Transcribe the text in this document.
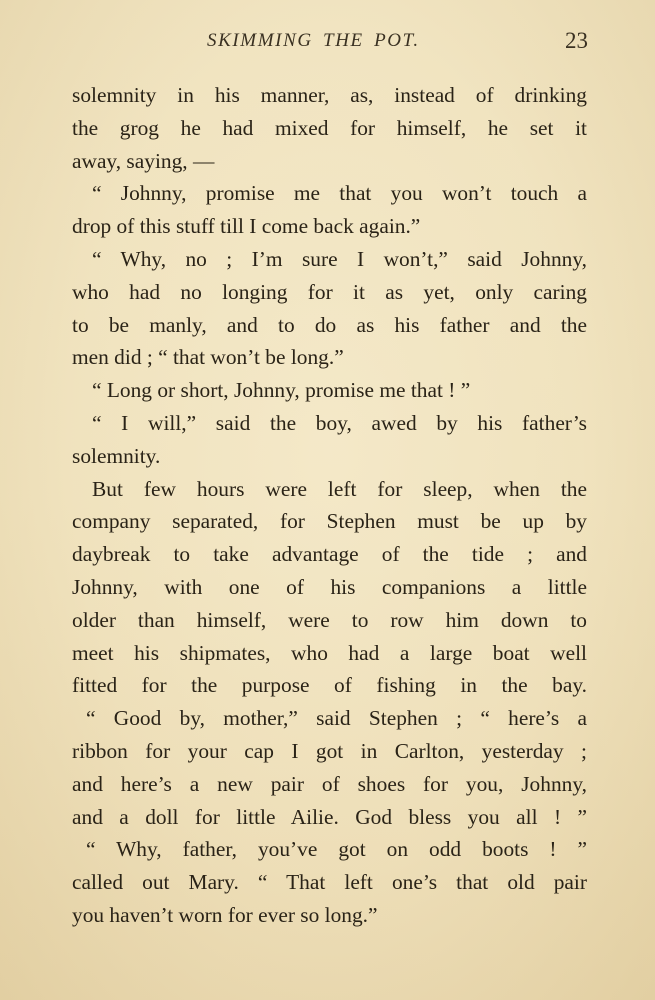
SKIMMING THE POT.	23
solemnity in his manner, as, instead of drinking
the grog he had mixed for himself, he set it
away, saying, —
“ Johnny, promise me that you won’t touch a
drop of this stuff till I come back again.”
“ Why, no ; I’m sure I won’t,” said Johnny,
who had no longing for it as yet, only caring
to be manly, and to do as his father and the
men did ; “ that won’t be long.”
“ Long or short, Johnny, promise me that ! ”
“ I will,” said the boy, awed by his father’s
solemnity.
But few hours were left for sleep, when the
company separated, for Stephen must be up by
daybreak to take advantage of the tide ; and
Johnny, with one of his companions a little
older than himself, were to row him down to
meet his shipmates, who had a large boat well
fitted for the purpose of fishing in the bay.
“ Good by, mother,” said Stephen ; “ here’s a
ribbon for your cap I got in Carlton, yesterday ;
and here’s a new pair of shoes for you, Johnny,
and a doll for little Ailie. God bless you all ! ”
“ Why, father, you’ve got on odd boots ! ”
called out Mary. “ That left one’s that old pair
you haven’t worn for ever so long.”
